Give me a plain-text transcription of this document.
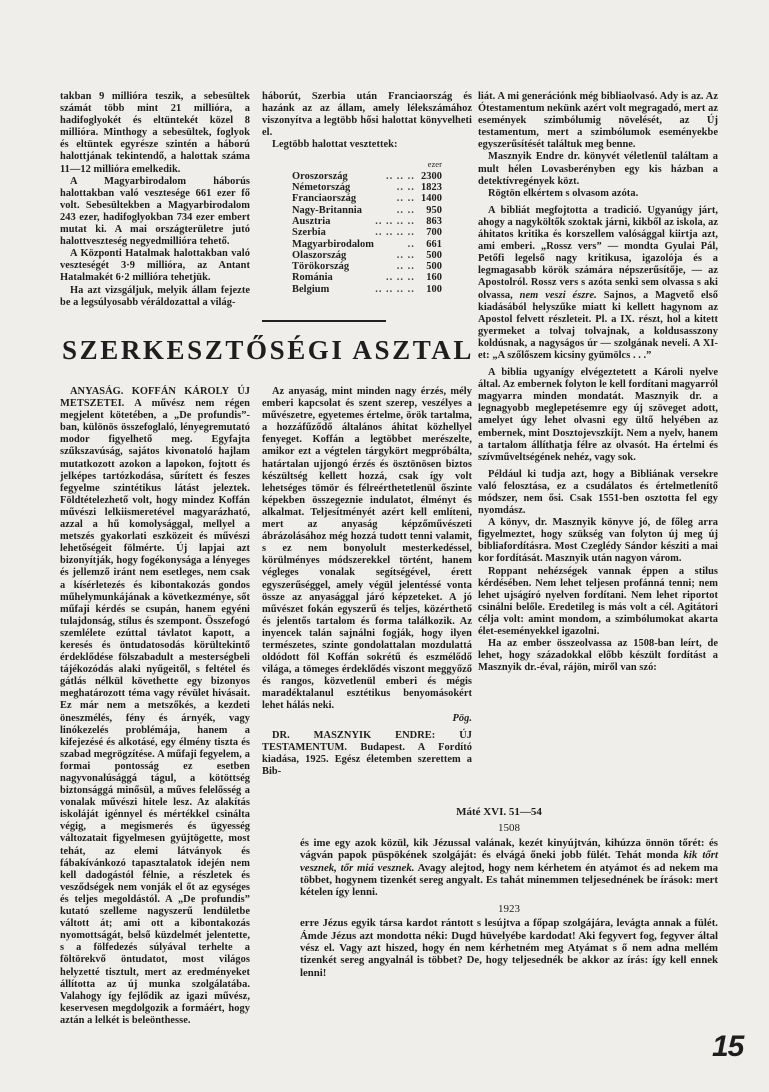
takban 9 millióra teszik, a sebesültek számát több mint 21 millióra, a hadifoglyokét és eltüntekét közel 8 millióra. Minthogy a sebesültek, foglyok és eltüntek egyrésze szintén a háború halottjának tekintendő, a halottak száma 11—12 millióra emelkedik.

A Magyarbirodalom háborús halottakban való vesztesége 661 ezer fő volt. Sebesültekben a Magyarbirodalom 243 ezer, hadifoglyokban 734 ezer embert mutat ki. A mai országterületre jutó halottveszteség negyedmillióra tehető.

A Központi Hatalmak halottakban való veszteségét 3·9 millióra, az Antant Hatalmakét 6·2 millióra tehetjük.

Ha azt vizsgáljuk, melyik állam fejezte be a legsúlyosabb véráldozattal a világ-

háborút, Szerbia után Franciaország és hazánk az az állam, amely lélekszámához viszonyítva a legtöbb hősi halottat könyvelheti el.

Legtöbb halottat vesztettek:

		ezer
Oroszország	.. .. ..	2300
Németország	.. ..	1823
Franciaország	.. ..	1400
Nagy-Britannia	.. ..	950
Ausztria	.. .. .. ..	863
Szerbia	.. .. .. ..	700
Magyarbirodalom	..	661
Olaszország	.. ..	500
Törökország	.. ..	500
Románia	.. .. ..	160
Belgium	.. .. .. ..	100
SZERKESZTŐSÉGI ASZTAL

liát. A mi generációnk még bibliaolvasó. Ady is az. Az Ótestamentum nekünk azért volt megragadó, mert az események szimbólumig növelését, az Új testamentum, mert a szimbólumok eseményekbe egyszerűsítését találtuk meg benne.

Masznyik Endre dr. könyvét véletlenül találtam a mult hélen Lovasberényben egy kis házban a detektívregények közt.

Rögtön elkértem s olvasom azóta.

A bibliát megfojtotta a tradició. Ugyanúgy járt, ahogy a nagyköltők szoktak járni, kikből az iskola, az áhitatos kritika és korszellem valósággal kiirtja azt, ami emberi. „Rossz vers” — mondta Gyulai Pál, Petőfi legelső nagy kritikusa, igazolója és a legmagasabb körök számára népszerűsítője, — az Apostolról. Rossz vers s azóta senki sem olvassa s aki olvassa, nem veszi észre. Sajnos, a Magvető első kiadásából helyszűke miatt ki kellett hagynom az Apostol felvett részleteit. Pl. a IX. részt, hol a kitett gyermeket a tolvaj tolvajnak, a koldusasszony koldúsnak, a nagyságos úr — szolgának neveli. A XI-et: „A szőlőszem kicsiny gyümölcs . . .”

A biblia ugyanígy elvégeztetett a Károli nyelve által. Az embernek folyton le kell fordítani magyarról magyarra minden mondatát. Masznyik dr. a legnagyobb meglepetésemre egy új szöveget adott, amelyet úgy lehet olvasni egy ültő helyében az embernek, mint Dosztojevszkíjt. Nem a nyelv, hanem a tartalom állíthatja félre az olvasót. Ha értelmi és szívműveltségének nehéz, vagy sok.

Például ki tudja azt, hogy a Bibliának versekre való felosztása, ez a csudálatos és értelmetlenítő módszer, nem ősi. Csak 1551-ben osztotta fel egy nyomdász.

A könyv, dr. Masznyik könyve jó, de főleg arra figyelmeztet, hogy szükség van folyton új meg új bibliafordításra. Most Czeglédy Sándor késziti a mai kor fordítását. Masznyik után nagyon várom.

Roppant nehézségek vannak éppen a stilus kérdésében. Nem lehet teljesen profánná tenni; nem lehet ujságíró nyelven fordítani. Nem lehet riportot csinálni belőle. Eredetileg is más volt a cél. Agitátori célja volt: amint mondom, a szimbólumokat akarta élet-eseményekkel igazolni.

Ha az ember összeolvassa az 1508-ban leírt, de lehet, hogy századokkal előbb készült fordítást a Masznyik dr.-éval, rájön, miről van szó:

ANYASÁG. KOFFÁN KÁROLY ÚJ METSZETEI. A művész nem régen megjelent kötetében, a „De profundis”-ban, különös összefoglaló, lényegremutató modor figyelhető meg. Egyfajta szűkszavúság, sajátos kivonatoló hajlam mutatkozott azokon a lapokon, fojtott és jelképes tartózkodása, sűrített és feszes fegyelme szintétikus látást jeleztek. Földtételezhető volt, hogy mindez Koffán művészi lelkiismeretével magyarázható, azzal a hű komolysággal, mellyel a metszés gyakorlati eszközeit és művészi lehetőségeit fölmérte. Új lapjai azt bizonyítják, hogy fogékonysága a lényeges és jellemző iránt nem esetleges, nem csak a kísérletezés és kibontakozás gondos műhelymunkájának a következménye, sőt műfaji kérdés se csupán, hanem egyéni tulajdonság, stílus és szempont. Összefogó szemlélete ezúttal távlatot kapott, a keresés és öntudatosodás körültekintő érdeklődése fölszabadult a mesterségbeli tájékozódás alaki nyűgeitől, s feltétel és gátlás nélkül követhette egy bizonyos meghatározott téma vagy révület hivásait. Ez már nem a metszőkés, a kezdeti öneszmélés, fény és árnyék, vagy linókezelés problémája, hanem a kifejezésé és alkotásé, egy élmény tiszta és szabad megrögzítése. A műfaji fegyelem, a formai pontosság ez esetben nagyvonalúsággá tágul, a kötöttség biztonsággá minősül, a műves felelősség a vonalak művészi hitele lesz. Az alakítás iskoláját igénnyel és mértékkel csinálta végig, a megismerés és ügyesség változatait figyelmesen gyüjtögette, most tehát, az elemi látványok és fábakívánkozó tapasztalatok idején nem kell dadogástól félnie, a részletek és vesződségek nem vonják el őt az egységes és teljes megoldástól. A „De profundis” kutató szelleme nagyszerű lendületbe váltott át; ami ott a kibontakozás nyomottságát, belső küzdelmét jelentette, s a fölfedezés súlyával terhelte a föltörekvő öntudatot, most világos helyzetté tisztult, mert az eredményeket állította az új munka szolgálatába. Valahogy így fejlődik az igazi művész, keservesen megdolgozik a formáért, hogy aztán a lelkét is beleönthesse.

Az anyaság, mint minden nagy érzés, mély emberi kapcsolat és szent szerep, veszélyes a művészetre, egyetemes értelme, örök tartalma, a hozzáfűződő általános áhitat közhellyel fenyeget. Koffán a legtöbbet merészelte, amikor ezt a végtelen tárgykört megpróbálta, határtalan ujjongó érzés és ösztönösen biztos készültség kellett hozzá, csak így volt lehetséges tömör és félreérthetetlenül őszinte képekben összegeznie indulatot, élményt és alkalmat. Teljesítményét azért kell említeni, mert az anyaság képzőművészeti ábrázolásához még hozzá tudott tenni valamit, s ez nem bonyolult mesterkedéssel, körülményes módszerekkel történt, hanem végleges vonalak segítségével, érett egyszerűséggel, amely végül jelentéssé vonta össze az anyasággal járó képzeteket. A jó művészet fokán egyszerű és teljes, közérthető és jelentős tartalom és forma találkozik. Az inyencek talán sajnálni fogják, hogy ilyen természetes, szinte gondolattalan mozdulattá oldódott föl Koffán sokrétű és eszmélődő világa, a tömeges érdeklődés viszont meggyőző és rangos, közvetlenül emberi és mégis maradéktalanul esztétikus benyomásokért lehet hálás neki.

Pög.

DR. MASZNYIK ENDRE: ÚJ TESTAMENTUM. Budapest. A Fordító kiadása, 1925. Egész életemben szerettem a Bib-

Máté XVI. 51—54
1508

és ime egy azok közül, kik Jézussal valának, kezét kinyújtván, kihúzza önnön tőrét: és vágván papok püspökének szolgáját: és elvágá őneki jobb fülét. Tehát monda kik tőrt vesznek, tőr miá vesznek. Avagy alejtod, hogy nem kérhetem én atyámot és ad nekem ma többet, hogynem tizenkét sereg angyalt. Es tahát minemmen teljesednének be írások: mert kételen így lenni.

1923

erre Jézus egyik társa kardot rántott s lesújtva a főpap szolgájára, levágta annak a fülét. Ámde Jézus azt mondotta néki: Dugd hüvelyébe kardodat! Aki fegyvert fog, fegyver által vész el. Vagy azt hiszed, hogy én nem kérhetném meg Atyámat s ő nem adna mellém tizenkét sereg angyalnál is többet? De, hogy teljesednék be akkor az írás: így kell ennek lenni!

15
